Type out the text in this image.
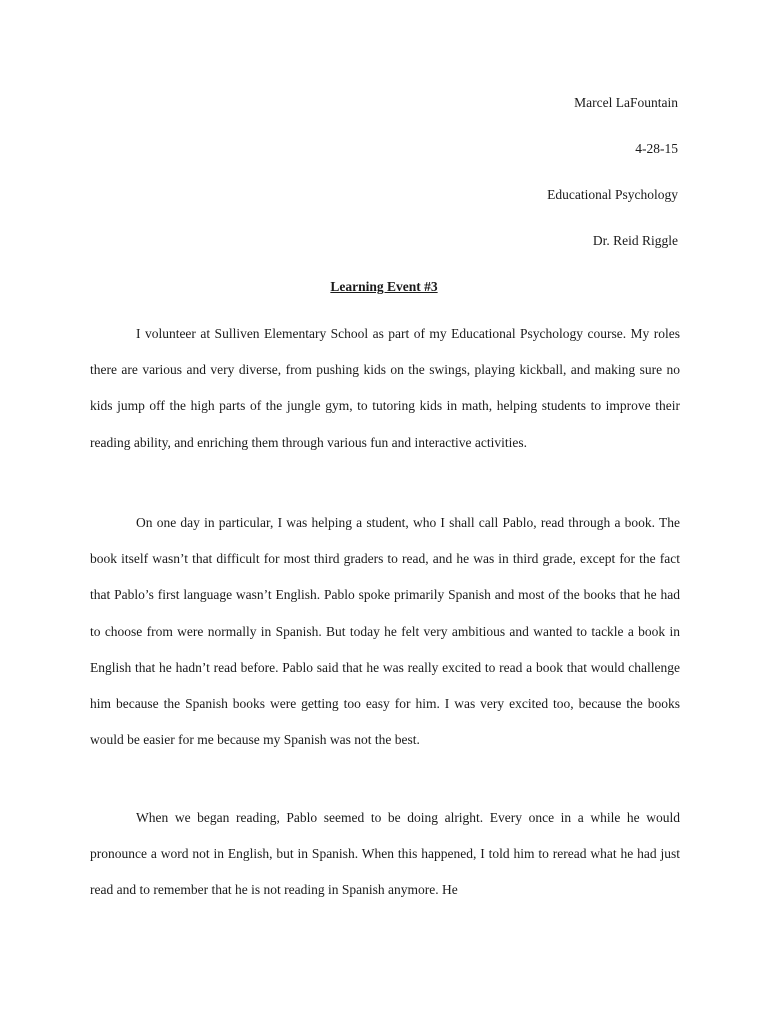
Marcel LaFountain
4-28-15
Educational Psychology
Dr. Reid Riggle
Learning Event #3

I volunteer at Sulliven Elementary School as part of my Educational Psychology course. My roles there are various and very diverse, from pushing kids on the swings, playing kickball, and making sure no kids jump off the high parts of the jungle gym, to tutoring kids in math, helping students to improve their reading ability, and enriching them through various fun and interactive activities.

On one day in particular, I was helping a student, who I shall call Pablo, read through a book. The book itself wasn’t that difficult for most third graders to read, and he was in third grade, except for the fact that Pablo’s first language wasn’t English. Pablo spoke primarily Spanish and most of the books that he had to choose from were normally in Spanish. But today he felt very ambitious and wanted to tackle a book in English that he hadn’t read before. Pablo said that he was really excited to read a book that would challenge him because the Spanish books were getting too easy for him. I was very excited too, because the books would be easier for me because my Spanish was not the best.

When we began reading, Pablo seemed to be doing alright. Every once in a while he would pronounce a word not in English, but in Spanish. When this happened, I told him to reread what he had just read and to remember that he is not reading in Spanish anymore. He
